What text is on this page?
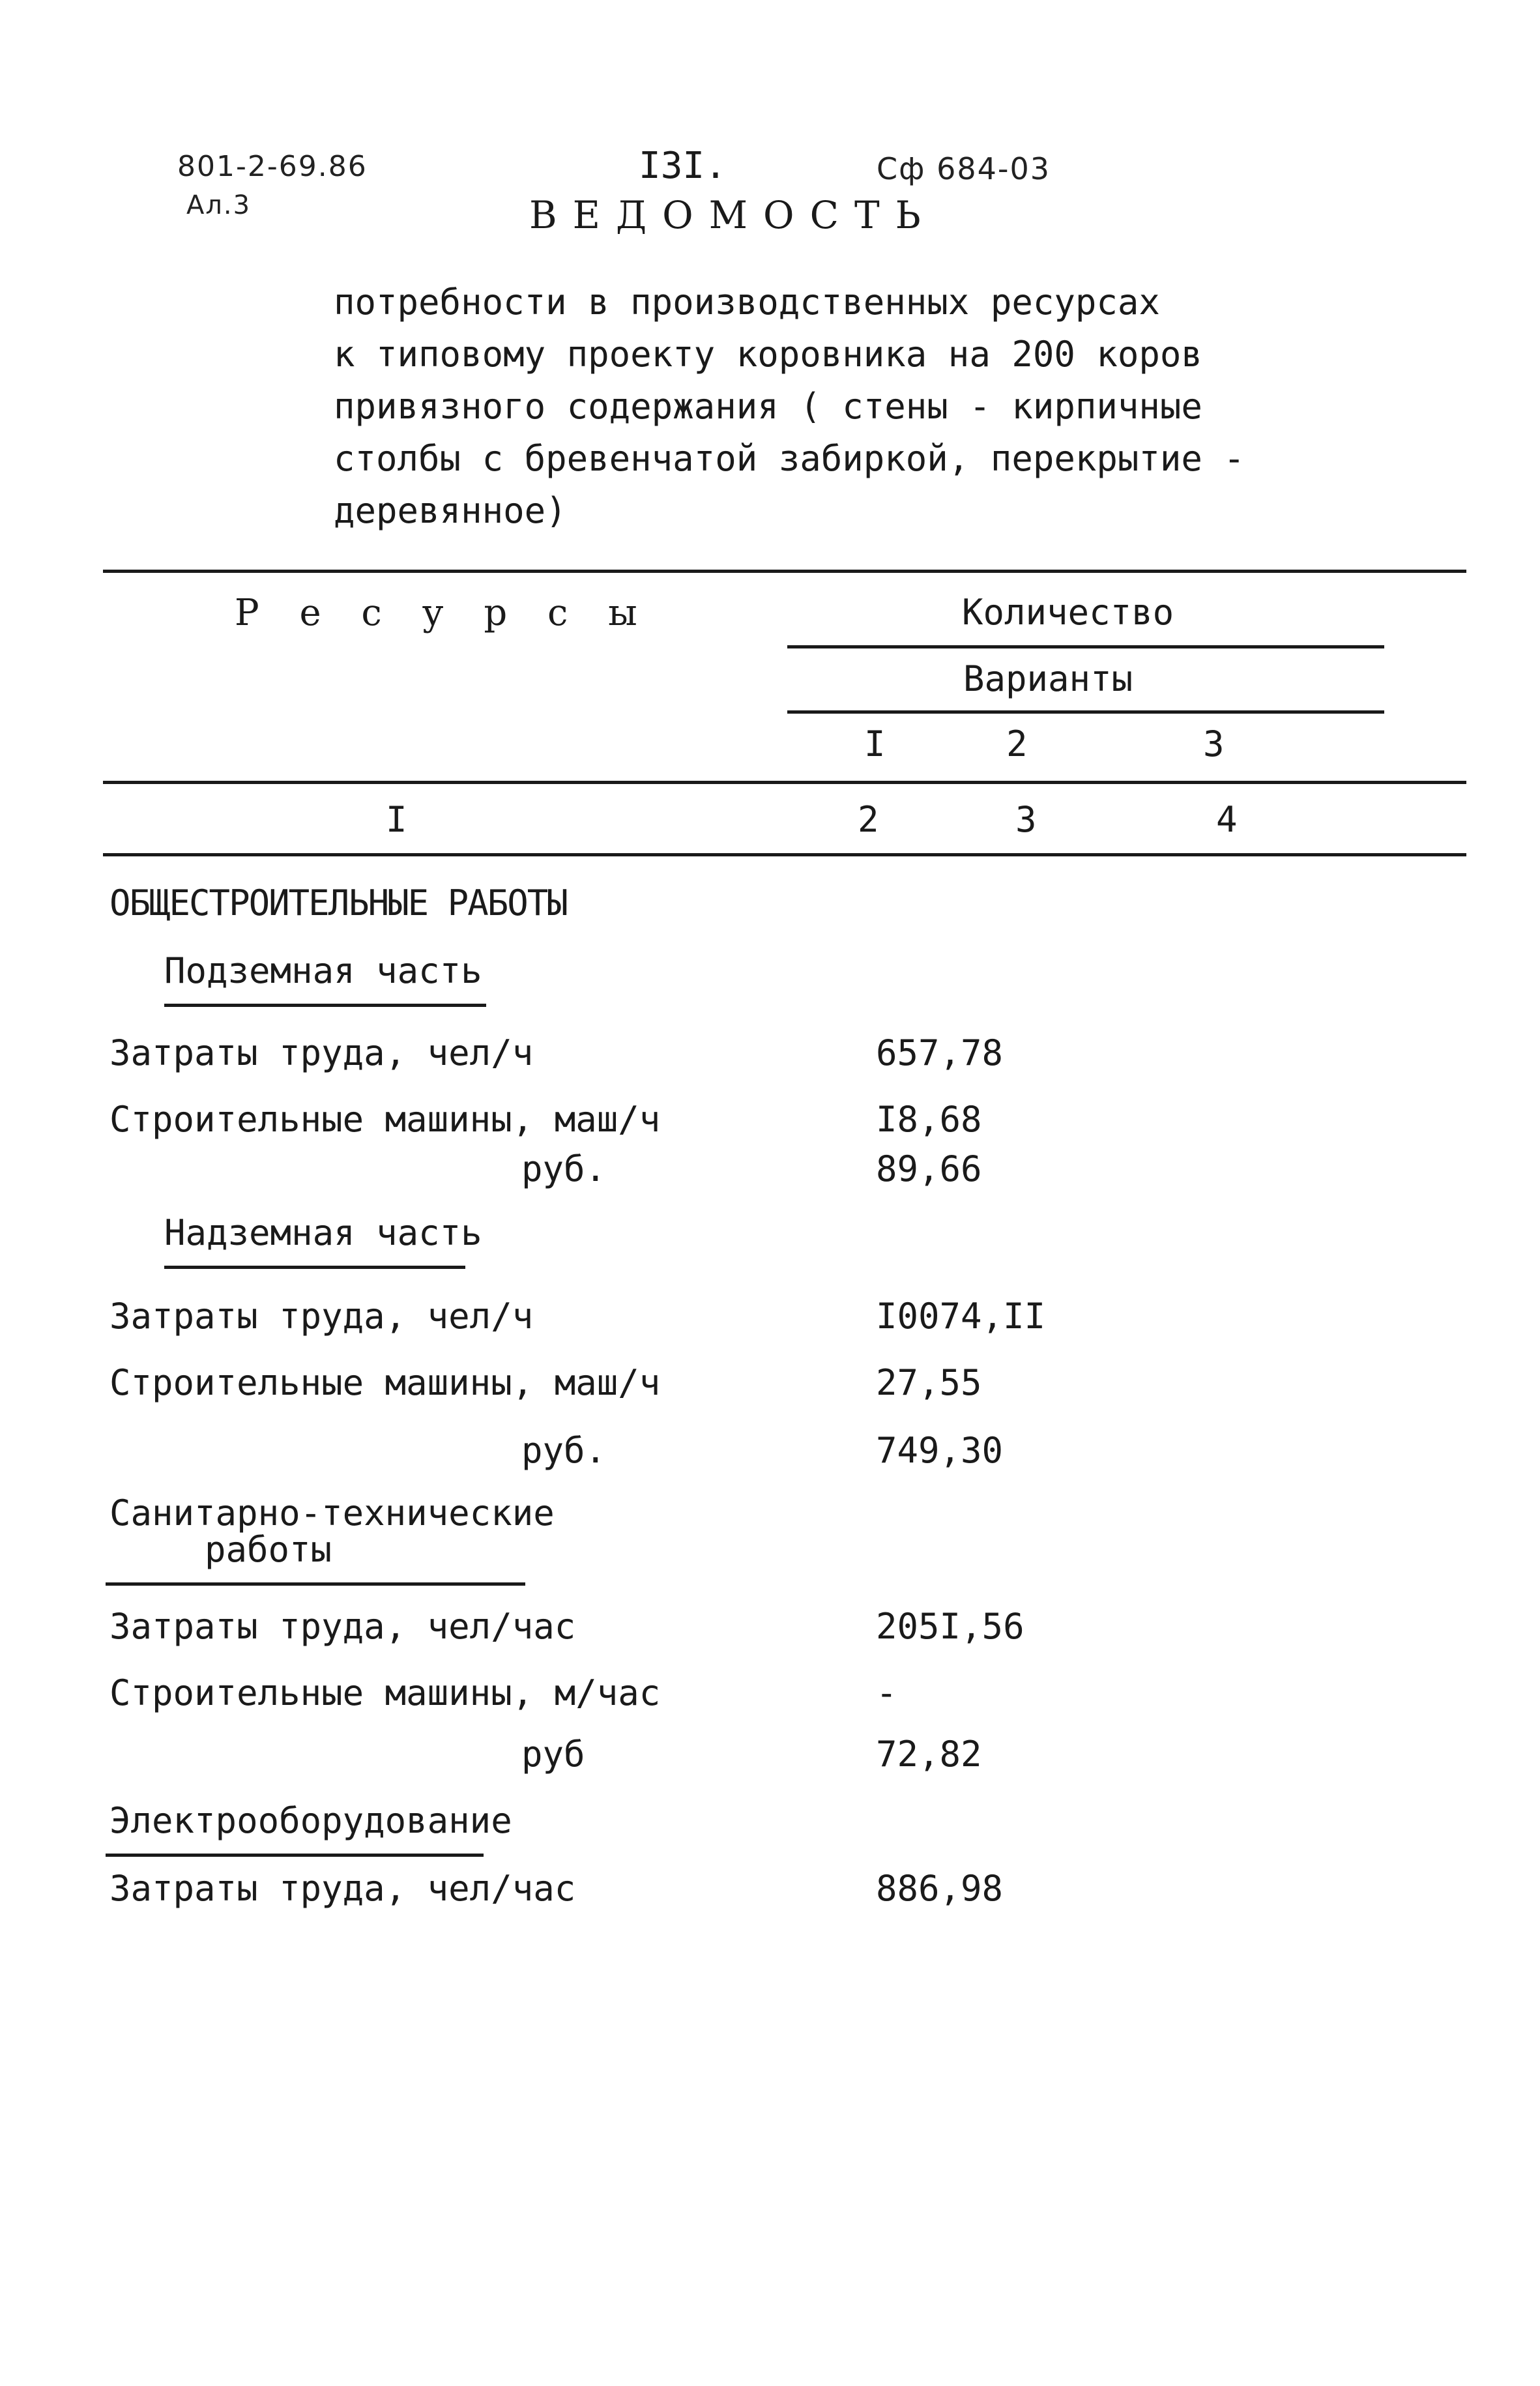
801-2-69.86
Ал.3
I3I.	Сф 684-03
ВЕДОМОСТЬ
потребности в производственных ресурсах
к типовому проекту коровника на 200 коров
привязного содержания ( стены - кирпичные
столбы с бревенчатой забиркой, перекрытие -
деревянное)
Р е с у р с ы	Количество
Варианты
I	2	3
I	2	3	4
ОБЩЕСТРОИТЕЛЬНЫЕ РАБОТЫ
Подземная часть
Затраты труда, чел/ч	657,78
Строительные машины, маш/ч	I8,68
руб.	89,66
Надземная часть
Затраты труда, чел/ч	I0074,II
Строительные машины, маш/ч	27,55
руб.	749,30
Санитарно-технические
работы
Затраты труда, чел/час	205I,56
Строительные машины, м/час	-
руб	72,82
Электрооборудование
Затраты труда, чел/час	886,98
